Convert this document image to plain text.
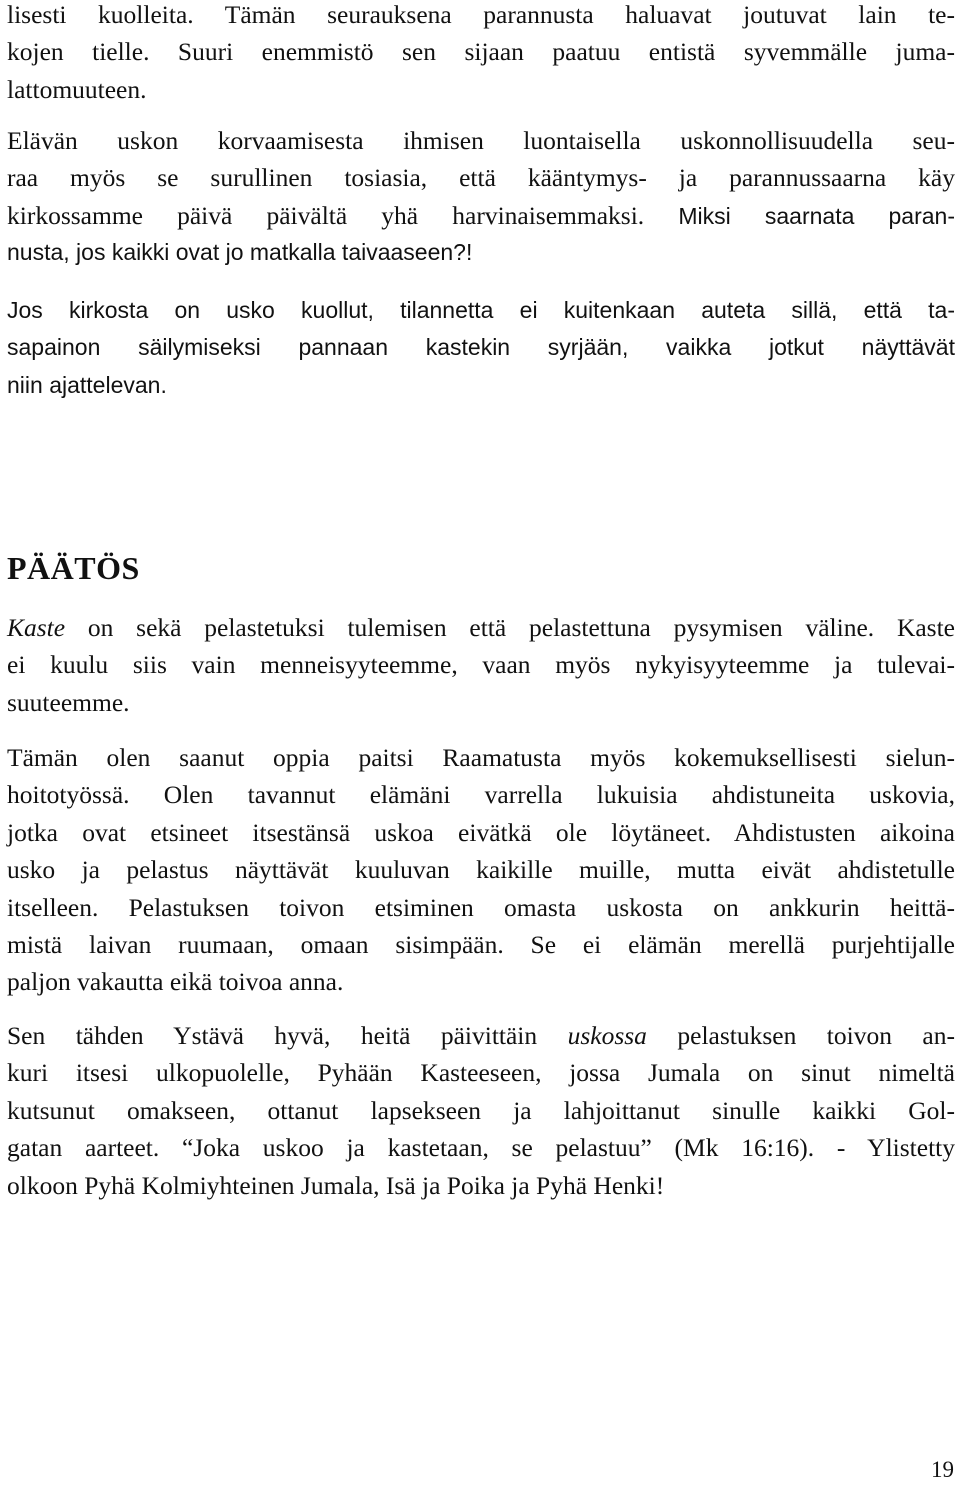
lisesti kuolleita. Tämän seurauksena parannusta haluavat joutuvat lain te-
kojen tielle. Suuri enemmistö sen sijaan paatuu entistä syvemmälle juma-
lattomuuteen.
Elävän uskon korvaamisesta ihmisen luontaisella uskonnollisuudella seu-
raa myös se surullinen tosiasia, että kääntymys- ja parannussaarna käy
kirkossamme päivä päivältä yhä harvinaisemmaksi. Miksi saarnata paran-
nusta, jos kaikki ovat jo matkalla taivaaseen?!
Jos kirkosta on usko kuollut, tilannetta ei kuitenkaan auteta sillä, että ta-
sapainon säilymiseksi pannaan kastekin syrjään, vaikka jotkut näyttävät
niin ajattelevan.
PÄÄTÖS
Kaste on sekä pelastetuksi tulemisen että pelastettuna pysymisen väline. Kaste
ei kuulu siis vain menneisyyteemme, vaan myös nykyisyyteemme ja tulevai-
suuteemme.
Tämän olen saanut oppia paitsi Raamatusta myös kokemuksellisesti sielun-
hoitotyössä. Olen tavannut elämäni varrella lukuisia ahdistuneita uskovia,
jotka ovat etsineet itsestänsä uskoa eivätkä ole löytäneet. Ahdistusten aikoina
usko ja pelastus näyttävät kuuluvan kaikille muille, mutta eivät ahdistetulle
itselleen. Pelastuksen toivon etsiminen omasta uskosta on ankkurin heittä-
mistä laivan ruumaan, omaan sisimpään. Se ei elämän merellä purjehtijalle
paljon vakautta eikä toivoa anna.
Sen tähden Ystävä hyvä, heitä päivittäin uskossa pelastuksen toivon an-
kuri itsesi ulkopuolelle, Pyhään Kasteeseen, jossa Jumala on sinut nimeltä
kutsunut omakseen, ottanut lapsekseen ja lahjoittanut sinulle kaikki Gol-
gatan aarteet. “Joka uskoo ja kastetaan, se pelastuu” (Mk 16:16). - Ylistetty
olkoon Pyhä Kolmiyhteinen Jumala, Isä ja Poika ja Pyhä Henki!
19
